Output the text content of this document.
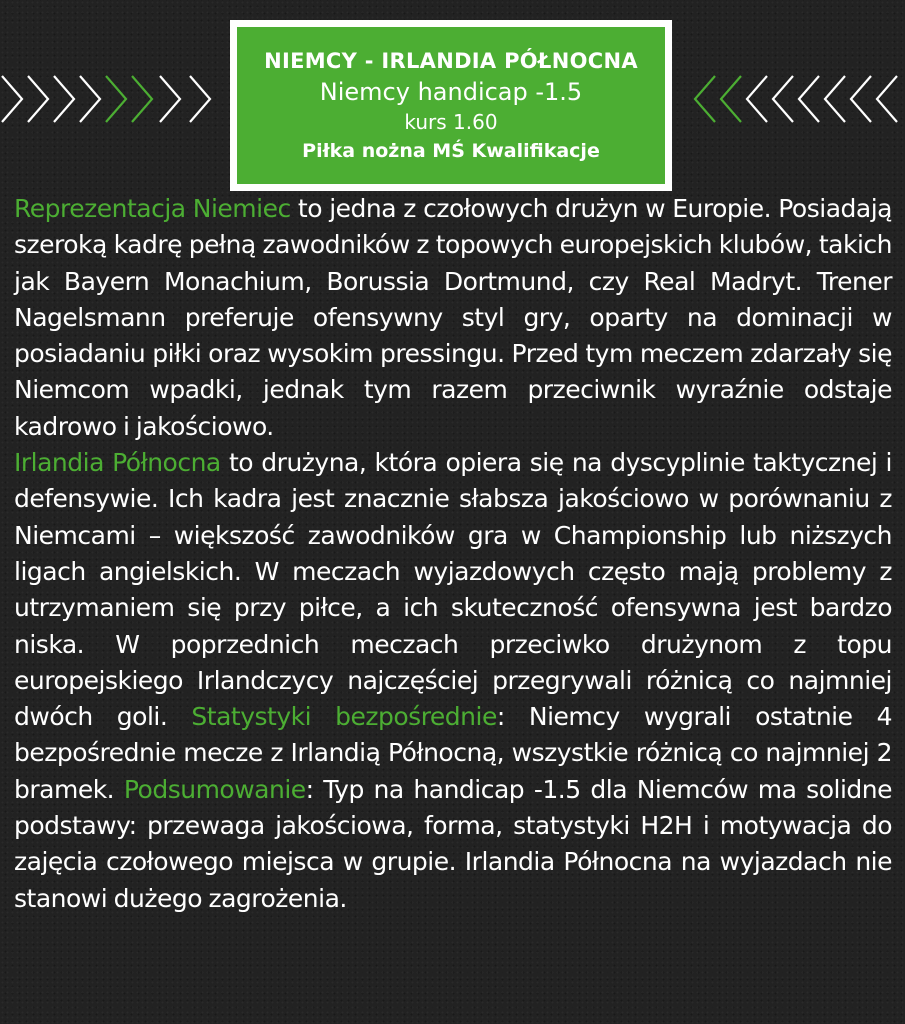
NIEMCY - IRLANDIA PÓŁNOCNA
Niemcy handicap -1.5
kurs 1.60
Piłka nożna MŚ Kwalifikacje

Reprezentacja Niemiec to jedna z czołowych drużyn w Europie. Posiadają szeroką kadrę pełną zawodników z topowych europejskich klubów, takich jak Bayern Monachium, Borussia Dortmund, czy Real Madryt. Trener Nagelsmann preferuje ofensywny styl gry, oparty na dominacji w posiadaniu piłki oraz wysokim pressingu. Przed tym meczem zdarzały się Niemcom wpadki, jednak tym razem przeciwnik wyraźnie odstaje kadrowo i jakościowo.

Irlandia Północna to drużyna, która opiera się na dyscyplinie taktycznej i defensywie. Ich kadra jest znacznie słabsza jakościowo w porównaniu z Niemcami – większość zawodników gra w Championship lub niższych ligach angielskich. W meczach wyjazdowych często mają problemy z utrzymaniem się przy piłce, a ich skuteczność ofensywna jest bardzo niska. W poprzednich meczach przeciwko drużynom z topu europejskiego Irlandczycy najczęściej przegrywali różnicą co najmniej dwóch goli. Statystyki bezpośrednie: Niemcy wygrali ostatnie 4 bezpośrednie mecze z Irlandią Północną, wszystkie różnicą co najmniej 2 bramek. Podsumowanie: Typ na handicap -1.5 dla Niemców ma solidne podstawy: przewaga jakościowa, forma, statystyki H2H i motywacja do zajęcia czołowego miejsca w grupie. Irlandia Północna na wyjazdach nie stanowi dużego zagrożenia.
